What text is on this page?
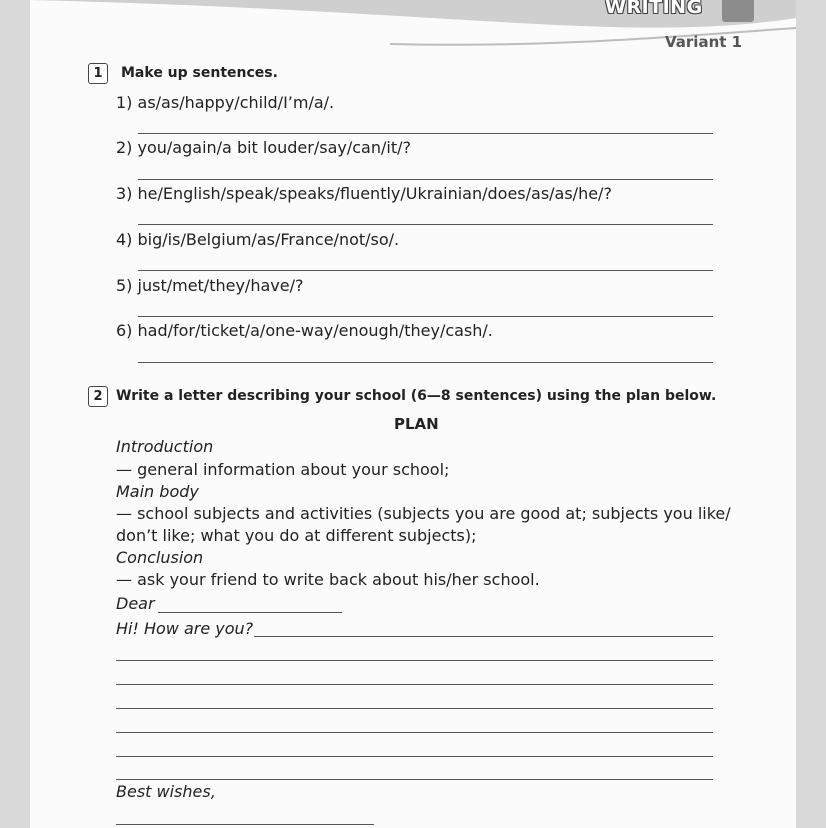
WRITING
Variant 1
1	Make up sentences.
1) as/as/happy/child/I’m/a/.
2) you/again/a bit louder/say/can/it/?
3) he/English/speak/speaks/fluently/Ukrainian/does/as/as/he/?
4) big/is/Belgium/as/France/not/so/.
5) just/met/they/have/?
6) had/for/ticket/a/one-way/enough/they/cash/.
2 Write a letter describing your school (6—8 sentences) using the plan below.
PLAN
Introduction
— general information about your school;
Main body
— school subjects and activities (subjects you are good at; subjects you like/
don’t like; what you do at different subjects);
Conclusion
— ask your friend to write back about his/her school.
Dear
Hi! How are you?
Best wishes,
